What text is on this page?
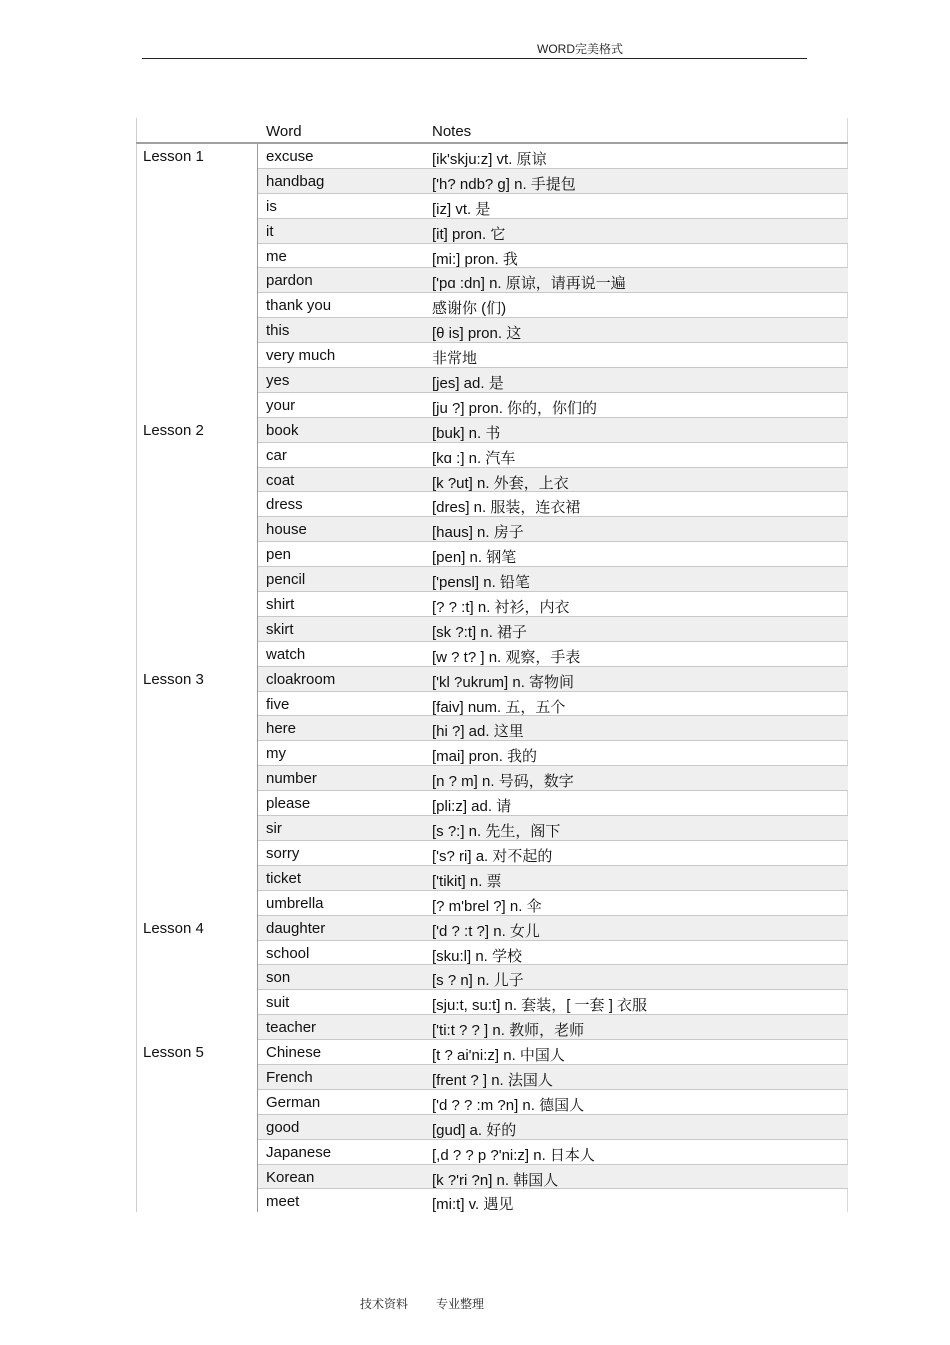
WORD完美格式
Word	Notes
Lesson 1	excuse	[ik'skju:z] vt. 原谅
handbag	['h? ndb? g] n. 手提包
is	[iz] vt. 是
it	[it] pron. 它
me	[mi:] pron. 我
pardon	['pɑ :dn] n. 原谅，请再说一遍
thank you	感谢你 (们)
this	[θ is] pron. 这
very much	非常地
yes	[jes] ad. 是
your	[ju ?] pron. 你的，你们的
Lesson 2	book	[buk] n. 书
car	[kɑ :] n. 汽车
coat	[k ?ut] n. 外套，上衣
dress	[dres] n. 服装，连衣裙
house	[haus] n. 房子
pen	[pen] n. 钢笔
pencil	['pensl] n. 铅笔
shirt	[? ? :t] n. 衬衫，内衣
skirt	[sk ?:t] n. 裙子
watch	[w ? t? ] n. 观察，手表
Lesson 3	cloakroom	['kl ?ukrum] n. 寄物间
five	[faiv] num. 五，五个
here	[hi ?] ad. 这里
my	[mai] pron. 我的
number	[n ? m] n. 号码，数字
please	[pli:z] ad. 请
sir	[s ?:] n. 先生，阁下
sorry	['s? ri] a. 对不起的
ticket	['tikit] n. 票
umbrella	[? m'brel ?] n. 伞
Lesson 4	daughter	['d ? :t ?] n. 女儿
school	[sku:l] n. 学校
son	[s ? n] n. 儿子
suit	[sju:t, su:t] n. 套装，[ 一套 ] 衣服
teacher	['ti:t ? ? ] n. 教师，老师
Lesson 5	Chinese	[t ? ai'ni:z] n. 中国人
French	[frent ? ] n. 法国人
German	['d ? ? :m ?n] n. 德国人
good	[gud] a. 好的
Japanese	[,d ? ? p ?'ni:z] n. 日本人
Korean	[k ?'ri ?n] n. 韩国人
meet	[mi:t] v. 遇见
技术资料 专业整理
